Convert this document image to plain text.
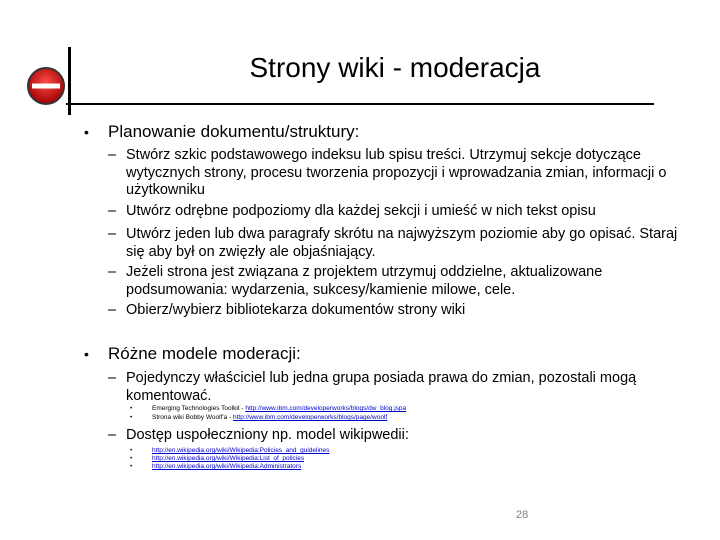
Strony wiki - moderacja
• Planowanie dokumentu/struktury:
– Stwórz szkic podstawowego indeksu lub spisu treści. Utrzymuj sekcje dotyczące wytycznych strony, procesu tworzenia propozycji i wprowadzania zmian, informacji o użytkowniku
– Utwórz odrębne podpoziomy dla każdej sekcji i umieść w nich tekst opisu
– Utwórz jeden lub dwa paragrafy skrótu na najwyższym poziomie aby go opisać. Staraj się aby był on zwięzły ale objaśniający.
– Jeżeli strona jest związana z projektem utrzymuj oddzielne, aktualizowane podsumowania: wydarzenia, sukcesy/kamienie milowe, cele.
– Obierz/wybierz bibliotekarza dokumentów strony wiki
• Różne modele moderacji:
– Pojedynczy właściciel lub jedna grupa posiada prawa do zmian, pozostali mogą komentować.
•	Emerging Technologies Toolkit - http://www.ibm.com/developerworks/blogs/dw_blog.jspa
•	Strona wiki Bobby Woolf'a - http://www.ibm.com/developerworks/blogs/page/woolf
– Dostęp uspołeczniony np. model wikipwedii:
•	http://en.wikipedia.org/wiki/Wikipedia:Policies_and_guidelines
•	http://en.wikipedia.org/wiki/Wikipedia:List_of_policies
•	http://en.wikipedia.org/wiki/Wikipedia:Administrators
28
